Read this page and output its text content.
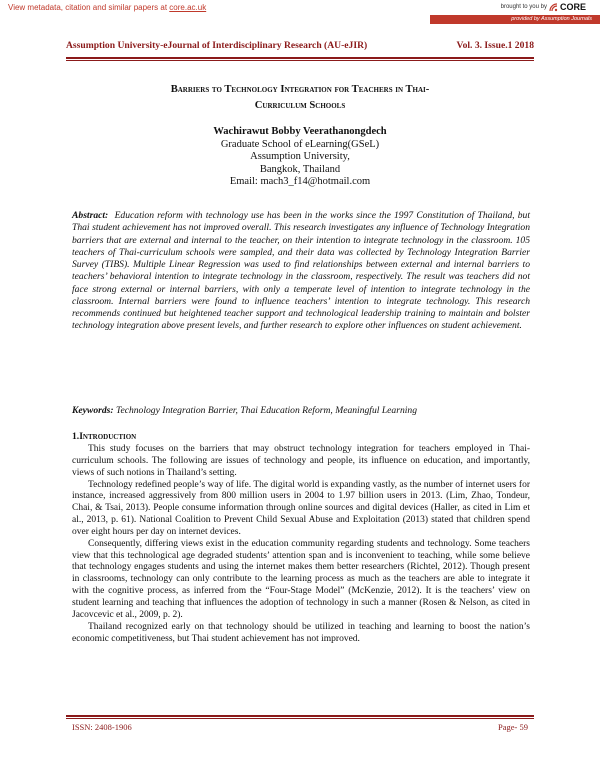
View metadata, citation and similar papers at core.ac.uk	brought to you by CORE
provided by Assumption Journals
Assumption University-eJournal of Interdisciplinary Research (AU-eJIR)	Vol. 3. Issue.1 2018
Barriers to Technology Integration for Teachers in Thai-
Curriculum Schools
Wachirawut Bobby Veerathanongdech
Graduate School of eLearning(GSeL)
Assumption University,
Bangkok, Thailand
Email: mach3_f14@hotmail.com
Abstract: Education reform with technology use has been in the works since the 1997 Constitution of Thailand, but Thai student achievement has not improved overall. This research investigates any influence of Technology Integration barriers that are external and internal to the teacher, on their intention to integrate technology in the classroom. 105 teachers of Thai-curriculum schools were sampled, and their data was collected by Technology Integration Barrier Survey (TIBS). Multiple Linear Regression was used to find relationships between external and internal barriers to teachers’ behavioral intention to integrate technology in the classroom, respectively. The result was teachers did not face strong external or internal barriers, with only a temperate level of intention to integrate technology in the classroom. Internal barriers were found to influence teachers’ intention to integrate technology. This research recommends continued but heightened teacher support and technological leadership training to maintain and bolster technology integration above present levels, and further research to explore other influences on student achievement.
Keywords: Technology Integration Barrier, Thai Education Reform, Meaningful Learning
1.Introduction

This study focuses on the barriers that may obstruct technology integration for teachers employed in Thai-curriculum schools. The following are issues of technology and people, its influence on education, and importantly, views of such notions in Thailand’s setting.

Technology redefined people’s way of life. The digital world is expanding vastly, as the number of internet users for instance, increased aggressively from 800 million users in 2004 to 1.97 billion users in 2013. (Lim, Zhao, Tondeur, Chai, & Tsai, 2013). People consume information through online sources and digital devices (Haller, as cited in Lim et al., 2013, p. 61). National Coalition to Prevent Child Sexual Abuse and Exploitation (2013) stated that children spend over eight hours per day on internet devices.

Consequently, differing views exist in the education community regarding students and technology. Some teachers view that this technological age degraded students’ attention span and is inconvenient to teaching, while some believe that technology engages students and using the internet makes them better researchers (Richtel, 2012). Though present in classrooms, technology can only contribute to the learning process as much as the teachers are able to integrate it with the cognitive process, as inferred from the “Four-Stage Model” (McKenzie, 2012). It is the teachers’ view on student learning and teaching that influences the adoption of technology in such a manner (Rosen & Nelson, as cited in Jacovcevic et al., 2009, p. 2).

Thailand recognized early on that technology should be utilized in teaching and learning to boost the nation’s economic competitiveness, but Thai student achievement has not improved.

ISSN: 2408-1906	Page- 59
